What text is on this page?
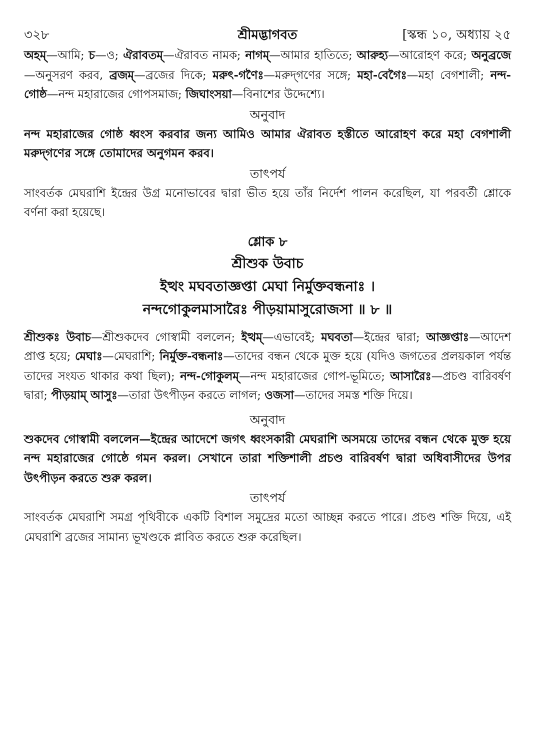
৩২৮	শ্রীমদ্ভাগবত	[স্কন্ধ ১০, অধ্যায় ২৫
অহম্—আমি; চ—ও; ঐরাবতম্—ঐরাবত নামক; নাগম্—আমার হাতিতে; আরুহ্য—আরোহণ করে; অনুব্রজে—অনুসরণ করব, ব্রজম্—ব্রজের দিকে; মরুৎ-গণৈঃ—মরুদ্‌গণের সঙ্গে; মহা-বেগৈঃ—মহা বেগশালী; নন্দ-গোষ্ঠ—নন্দ মহারাজের গোপসমাজ; জিঘাংসয়া—বিনাশের উদ্দেশ্যে।
অনুবাদ
নন্দ মহারাজের গোষ্ঠ ধ্বংস করবার জন্য আমিও আমার ঐরাবত হস্তীতে আরোহণ করে মহা বেগশালী মরুদ্‌গণের সঙ্গে তোমাদের অনুগমন করব।
তাৎপর্য
সাংবর্তক মেঘরাশি ইন্দ্রের উগ্র মনোভাবের দ্বারা ভীত হয়ে তাঁর নির্দেশ পালন করেছিল, যা পরবর্তী শ্লোকে বর্ণনা করা হয়েছে।
শ্লোক ৮
শ্রীশুক উবাচ
ইত্থং মঘবতাজ্ঞপ্তা মেঘা নির্মুক্তবন্ধনাঃ ।
নন্দগোকুলমাসারৈঃ পীড়য়ামাসুরোজসা ॥ ৮ ॥
শ্রীশুকঃ উবাচ—শ্রীশুকদেব গোস্বামী বললেন; ইত্থম্—এভাবেই; মঘবতা—ইন্দ্রের দ্বারা; আজ্ঞপ্তাঃ—আদেশ প্রাপ্ত হয়ে; মেঘাঃ—মেঘরাশি; নির্মুক্ত-বন্ধনাঃ—তাদের বন্ধন থেকে মুক্ত হয়ে (যদিও জগতের প্রলয়কাল পর্যন্ত তাদের সংযত থাকার কথা ছিল); নন্দ-গোকুলম্—নন্দ মহারাজের গোপ-ভূমিতে; আসারৈঃ—প্রচণ্ড বারিবর্ষণ দ্বারা; পীড়য়াম্ আসুঃ—তারা উৎপীড়ন করতে লাগল; ওজসা—তাদের সমস্ত শক্তি দিয়ে।
অনুবাদ
শুকদেব গোস্বামী বললেন—ইন্দ্রের আদেশে জগৎ ধ্বংসকারী মেঘরাশি অসময়ে তাদের বন্ধন থেকে মুক্ত হয়ে নন্দ মহারাজের গোষ্ঠে গমন করল। সেখানে তারা শক্তিশালী প্রচণ্ড বারিবর্ষণ দ্বারা অধিবাসীদের উপর উৎপীড়ন করতে শুরু করল।
তাৎপর্য
সাংবর্তক মেঘরাশি সমগ্র পৃথিবীকে একটি বিশাল সমুদ্রের মতো আচ্ছন্ন করতে পারে। প্রচণ্ড শক্তি দিয়ে, এই মেঘরাশি ব্রজের সামান্য ভূখণ্ডকে প্লাবিত করতে শুরু করেছিল।
